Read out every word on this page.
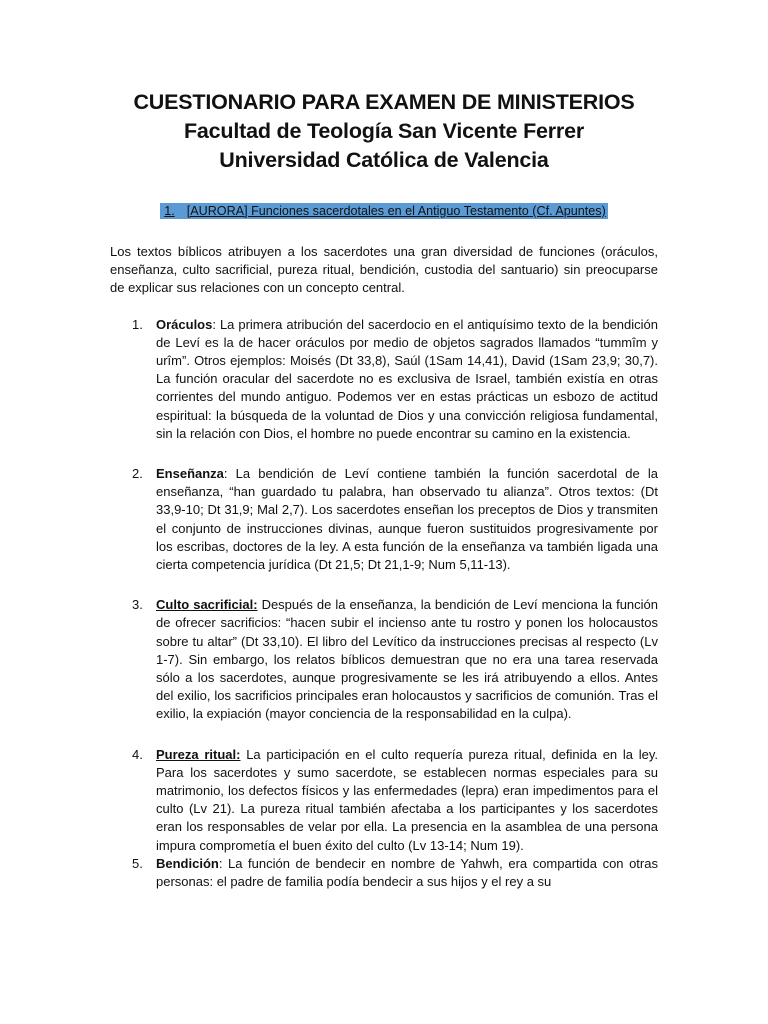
CUESTIONARIO PARA EXAMEN DE MINISTERIOS
Facultad de Teología San Vicente Ferrer
Universidad Católica de Valencia

1. [AURORA] Funciones sacerdotales en el Antiguo Testamento (Cf. Apuntes)

Los textos bíblicos atribuyen a los sacerdotes una gran diversidad de funciones (oráculos, enseñanza, culto sacrificial, pureza ritual, bendición, custodia del santuario) sin preocuparse de explicar sus relaciones con un concepto central.

1. Oráculos: La primera atribución del sacerdocio en el antiquísimo texto de la bendición de Leví es la de hacer oráculos por medio de objetos sagrados llamados “tummîm y urîm”. Otros ejemplos: Moisés (Dt 33,8), Saúl (1Sam 14,41), David (1Sam 23,9; 30,7). La función oracular del sacerdote no es exclusiva de Israel, también existía en otras corrientes del mundo antiguo. Podemos ver en estas prácticas un esbozo de actitud espiritual: la búsqueda de la voluntad de Dios y una convicción religiosa fundamental, sin la relación con Dios, el hombre no puede encontrar su camino en la existencia.
2. Enseñanza: La bendición de Leví contiene también la función sacerdotal de la enseñanza, “han guardado tu palabra, han observado tu alianza”. Otros textos: (Dt 33,9-10; Dt 31,9; Mal 2,7). Los sacerdotes enseñan los preceptos de Dios y transmiten el conjunto de instrucciones divinas, aunque fueron sustituidos progresivamente por los escribas, doctores de la ley. A esta función de la enseñanza va también ligada una cierta competencia jurídica (Dt 21,5; Dt 21,1-9; Num 5,11-13).
3. Culto sacrificial: Después de la enseñanza, la bendición de Leví menciona la función de ofrecer sacrificios: “hacen subir el incienso ante tu rostro y ponen los holocaustos sobre tu altar” (Dt 33,10). El libro del Levítico da instrucciones precisas al respecto (Lv 1-7). Sin embargo, los relatos bíblicos demuestran que no era una tarea reservada sólo a los sacerdotes, aunque progresivamente se les irá atribuyendo a ellos. Antes del exilio, los sacrificios principales eran holocaustos y sacrificios de comunión. Tras el exilio, la expiación (mayor conciencia de la responsabilidad en la culpa).
4. Pureza ritual: La participación en el culto requería pureza ritual, definida en la ley. Para los sacerdotes y sumo sacerdote, se establecen normas especiales para su matrimonio, los defectos físicos y las enfermedades (lepra) eran impedimentos para el culto (Lv 21). La pureza ritual también afectaba a los participantes y los sacerdotes eran los responsables de velar por ella. La presencia en la asamblea de una persona impura comprometía el buen éxito del culto (Lv 13-14; Num 19).
5. Bendición: La función de bendecir en nombre de Yahwh, era compartida con otras personas: el padre de familia podía bendecir a sus hijos y el rey a su
